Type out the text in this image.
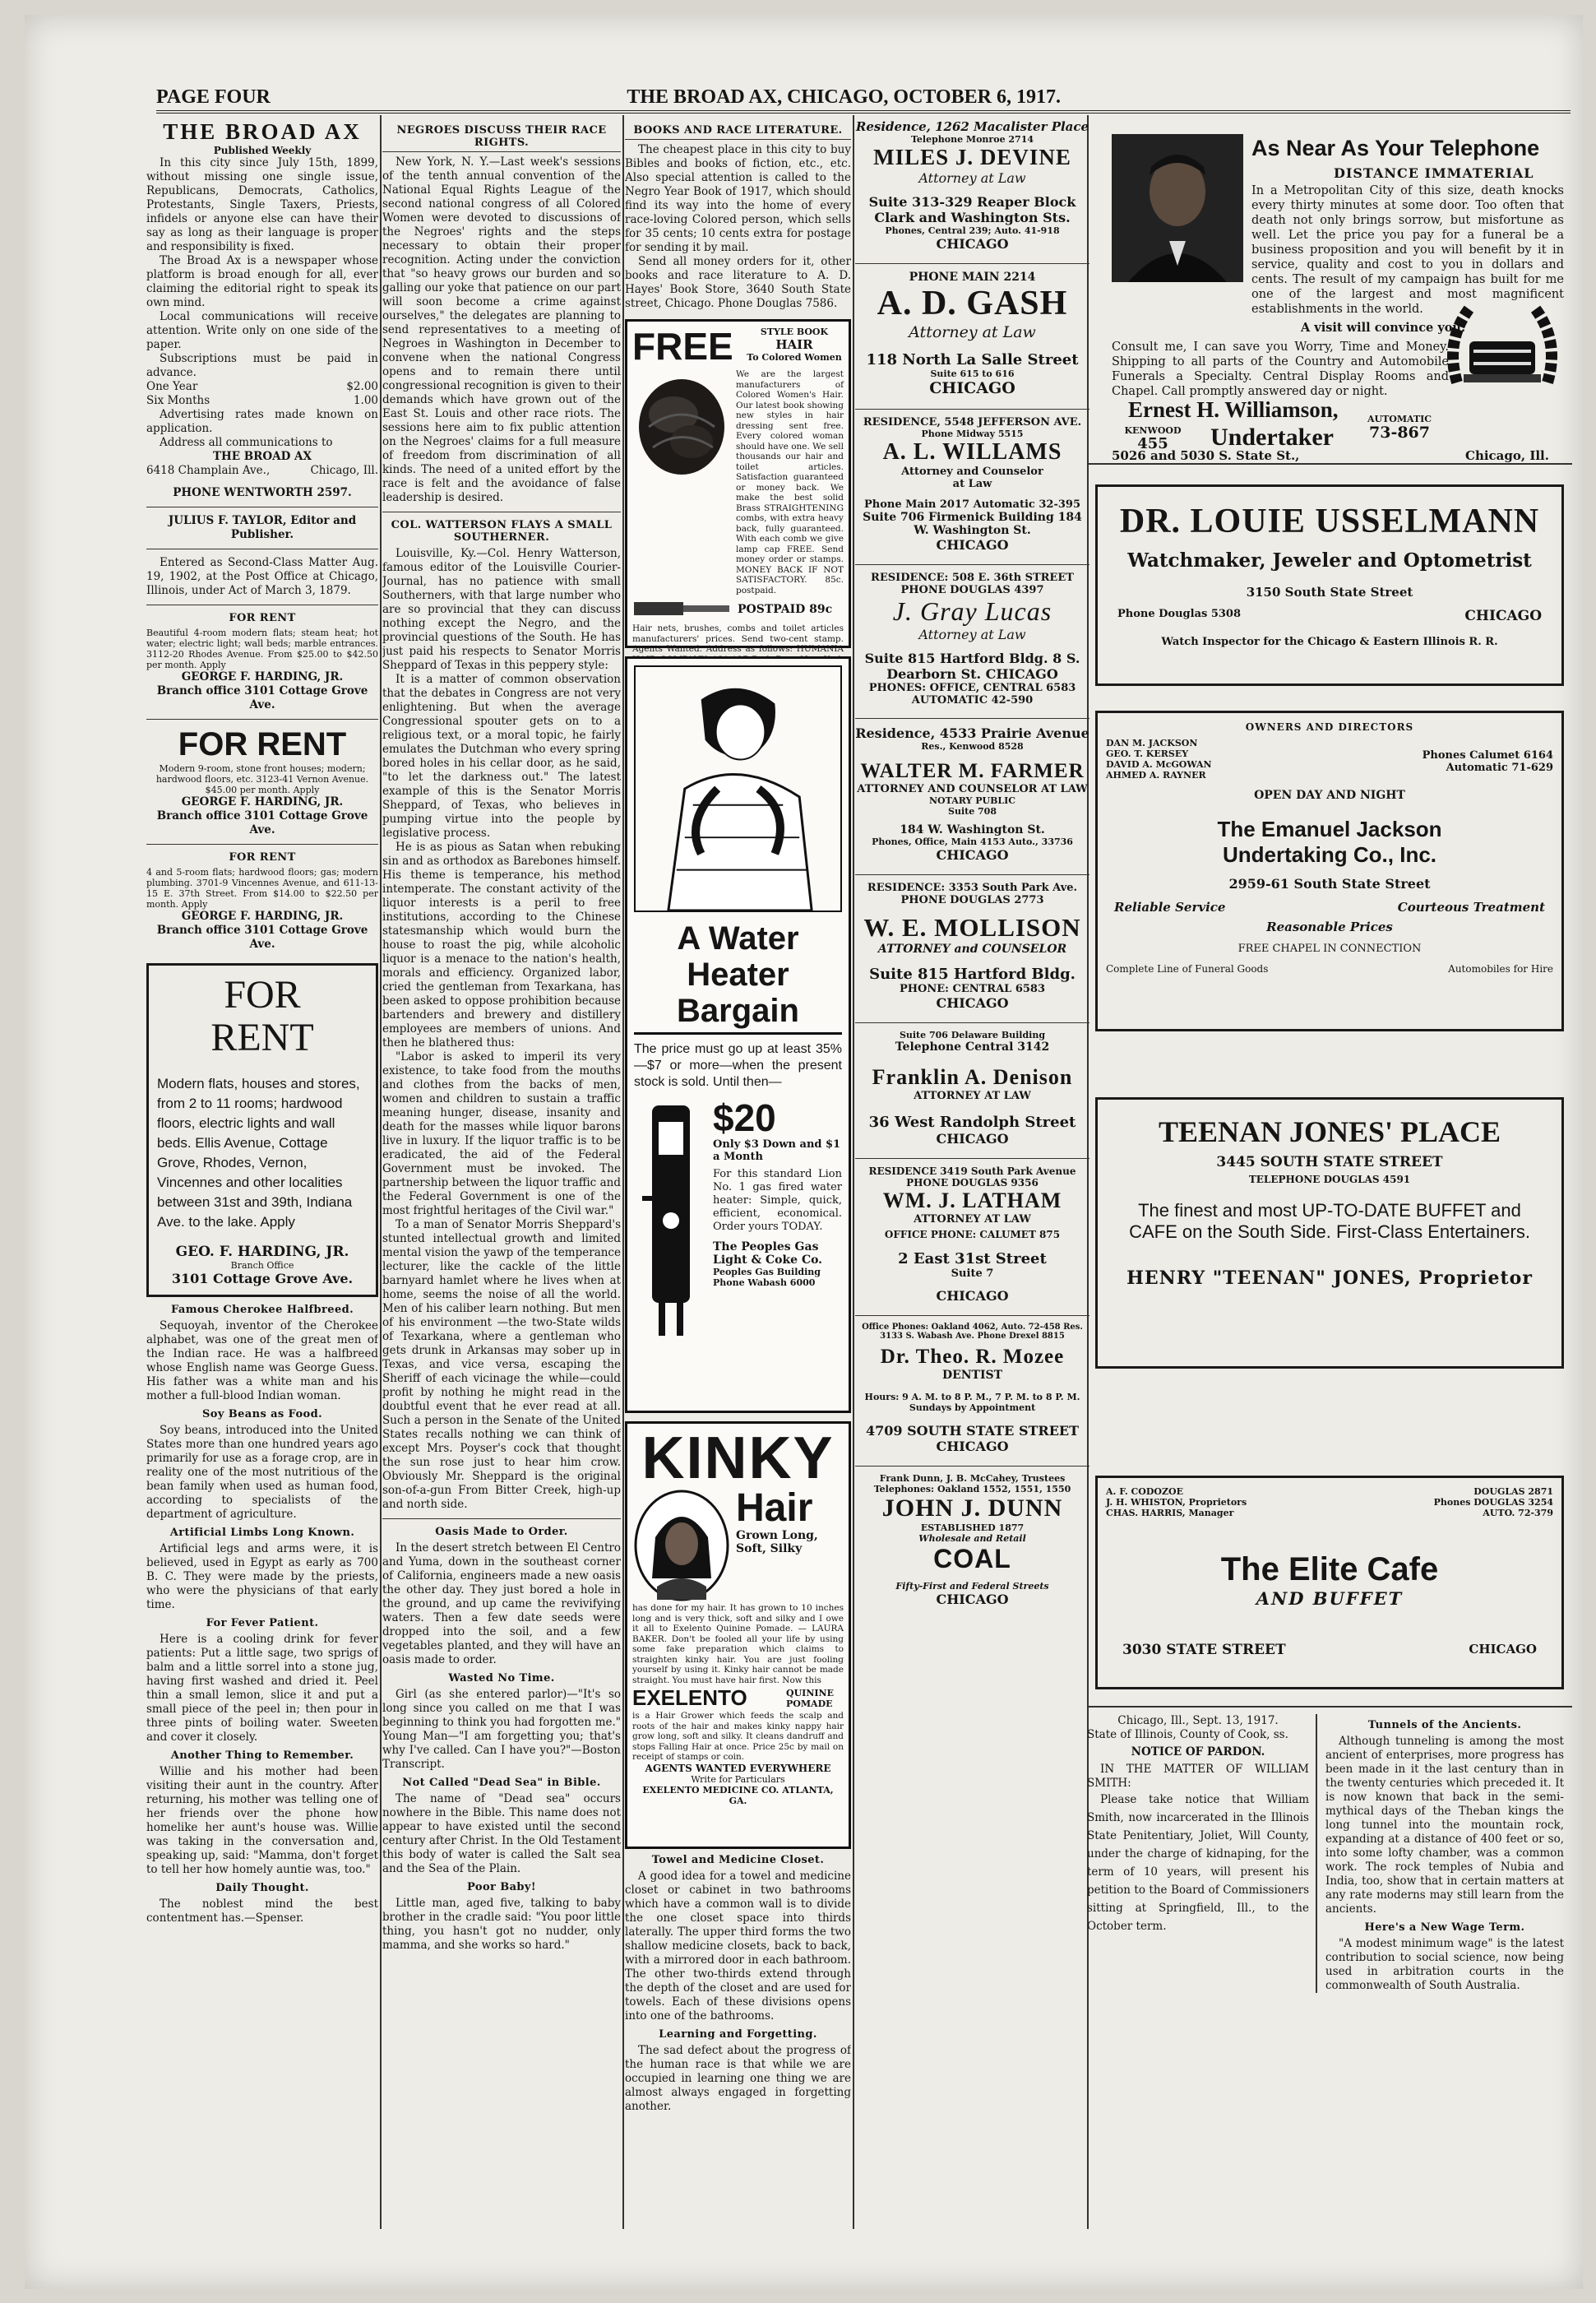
PAGE FOUR	THE BROAD AX, CHICAGO, OCTOBER 6, 1917.
THE BROAD AX
Published Weekly

In this city since July 15th, 1899, without missing one single issue, Republicans, Democrats, Catholics, Protestants, Single Taxers, Priests, infidels or anyone else can have their say as long as their language is proper and responsibility is fixed.

The Broad Ax is a newspaper whose platform is broad enough for all, ever claiming the editorial right to speak its own mind.

Local communications will receive attention. Write only on one side of the paper.

Subscriptions must be paid in advance.

One Year	$2.00
Six Months	1.00

Advertising rates made known on application.

Address all communications to

THE BROAD AX
6418 Champlain Ave.,	Chicago, Ill.
PHONE WENTWORTH 2597.
JULIUS F. TAYLOR, Editor and Publisher.

Entered as Second-Class Matter Aug. 19, 1902, at the Post Office at Chicago, Illinois, under Act of March 3, 1879.

FOR RENT

Beautiful 4-room modern flats; steam heat; hot water; electric light; wall beds; marble entrances. 3112-20 Rhodes Avenue. From $25.00 to $42.50 per month. Apply

GEORGE F. HARDING, JR.
Branch office 3101 Cottage Grove Ave.
FOR RENT

Modern 9-room, stone front houses; modern; hardwood floors, etc. 3123-41 Vernon Avenue. $45.00 per month. Apply

GEORGE F. HARDING, JR.
Branch office 3101 Cottage Grove Ave.
FOR RENT

4 and 5-room flats; hardwood floors; gas; modern plumbing. 3701-9 Vincennes Avenue, and 611-13-15 E. 37th Street. From $14.00 to $22.50 per month. Apply

GEORGE F. HARDING, JR.
Branch office 3101 Cottage Grove Ave.
FOR
RENT

Modern flats, houses and stores, from 2 to 11 rooms; hardwood floors, electric lights and wall beds. Ellis Avenue, Cottage Grove, Rhodes, Vernon, Vincennes and other localities between 31st and 39th, Indiana Ave. to the lake. Apply

GEO. F. HARDING, JR.
Branch Office
3101 Cottage Grove Ave.
Famous Cherokee Halfbreed.

Sequoyah, inventor of the Cherokee alphabet, was one of the great men of the Indian race. He was a halfbreed whose English name was George Guess. His father was a white man and his mother a full-blood Indian woman.

Soy Beans as Food.

Soy beans, introduced into the United States more than one hundred years ago primarily for use as a forage crop, are in reality one of the most nutritious of the bean family when used as human food, according to specialists of the department of agriculture.

Artificial Limbs Long Known.

Artificial legs and arms were, it is believed, used in Egypt as early as 700 B. C. They were made by the priests, who were the physicians of that early time.

For Fever Patient.

Here is a cooling drink for fever patients: Put a little sage, two sprigs of balm and a little sorrel into a stone jug, having first washed and dried it. Peel thin a small lemon, slice it and put a small piece of the peel in; then pour in three pints of boiling water. Sweeten and cover it closely.

Another Thing to Remember.

Willie and his mother had been visiting their aunt in the country. After returning, his mother was telling one of her friends over the phone how homelike her aunt's house was. Willie was taking in the conversation and, speaking up, said: "Mamma, don't forget to tell her how homely auntie was, too."

Daily Thought.

The noblest mind the best contentment has.—Spenser.

NEGROES DISCUSS THEIR RACE RIGHTS.

New York, N. Y.—Last week's sessions of the tenth annual convention of the National Equal Rights League of the second national congress of all Colored Women were devoted to discussions of the Negroes' rights and the steps necessary to obtain their proper recognition. Acting under the conviction that "so heavy grows our burden and so galling our yoke that patience on our part will soon become a crime against ourselves," the delegates are planning to send representatives to a meeting of Negroes in Washington in December to convene when the national Congress opens and to remain there until congressional recognition is given to their demands which have grown out of the East St. Louis and other race riots. The sessions here aim to fix public attention on the Negroes' claims for a full measure of freedom from discrimination of all kinds. The need of a united effort by the race is felt and the avoidance of false leadership is desired.

COL. WATTERSON FLAYS A SMALL SOUTHERNER.

Louisville, Ky.—Col. Henry Watterson, famous editor of the Louisville Courier-Journal, has no patience with small Southerners, with that large number who are so provincial that they can discuss nothing except the Negro, and the provincial questions of the South. He has just paid his respects to Senator Morris Sheppard of Texas in this peppery style:

It is a matter of common observation that the debates in Congress are not very enlightening. But when the average Congressional spouter gets on to a religious text, or a moral topic, he fairly emulates the Dutchman who every spring bored holes in his cellar door, as he said, "to let the darkness out." The latest example of this is the Senator Morris Sheppard, of Texas, who believes in pumping virtue into the people by legislative process.

He is as pious as Satan when rebuking sin and as orthodox as Barebones himself. His theme is temperance, his method intemperate. The constant activity of the liquor interests is a peril to free institutions, according to the Chinese statesmanship which would burn the house to roast the pig, while alcoholic liquor is a menace to the nation's health, morals and efficiency. Organized labor, cried the gentleman from Texarkana, has been asked to oppose prohibition because bartenders and brewery and distillery employees are members of unions. And then he blathered thus:

"Labor is asked to imperil its very existence, to take food from the mouths and clothes from the backs of men, women and children to sustain a traffic meaning hunger, disease, insanity and death for the masses while liquor barons live in luxury. If the liquor traffic is to be eradicated, the aid of the Federal Government must be invoked. The partnership between the liquor traffic and the Federal Government is one of the most frightful heritages of the Civil war."

To a man of Senator Morris Sheppard's stunted intellectual growth and limited mental vision the yawp of the temperance lecturer, like the cackle of the little barnyard hamlet where he lives when at home, seems the noise of all the world. Men of his caliber learn nothing. But men of his environment —the two-State wilds of Texarkana, where a gentleman who gets drunk in Arkansas may sober up in Texas, and vice versa, escaping the Sheriff of each vicinage the while—could profit by nothing he might read in the doubtful event that he ever read at all. Such a person in the Senate of the United States recalls nothing we can think of except Mrs. Poyser's cock that thought the sun rose just to hear him crow. Obviously Mr. Sheppard is the original son-of-a-gun From Bitter Creek, high-up and north side.

Oasis Made to Order.

In the desert stretch between El Centro and Yuma, down in the southeast corner of California, engineers made a new oasis the other day. They just bored a hole in the ground, and up came the revivifying waters. Then a few date seeds were dropped into the soil, and a few vegetables planted, and they will have an oasis made to order.

Wasted No Time.

Girl (as she entered parlor)—"It's so long since you called on me that I was beginning to think you had forgotten me." Young Man—"I am forgetting you; that's why I've called. Can I have you?"—Boston Transcript.

Not Called "Dead Sea" in Bible.

The name of "Dead sea" occurs nowhere in the Bible. This name does not appear to have existed until the second century after Christ. In the Old Testament this body of water is called the Salt sea and the Sea of the Plain.

Poor Baby!

Little man, aged five, talking to baby brother in the cradle said: "You poor little thing, you hasn't got no nudder, only mamma, and she works so hard."

BOOKS AND RACE LITERATURE.

The cheapest place in this city to buy Bibles and books of fiction, etc., etc. Also special attention is called to the Negro Year Book of 1917, which should find its way into the home of every race-loving Colored person, which sells for 35 cents; 10 cents extra for postage for sending it by mail.

Send all money orders for it, other books and race literature to A. D. Hayes' Book Store, 3640 South State street, Chicago. Phone Douglas 7586.

FREE	STYLE BOOK
HAIR
To Colored Women

We are the largest manufacturers of Colored Women's Hair. Our latest book showing new styles in hair dressing sent free. Every colored woman should have one. We sell thousands our hair and toilet articles. Satisfaction guaranteed or money back. We make the best solid Brass STRAIGHTENING combs, with extra heavy back, fully guaranteed. With each comb we give lamp cap FREE. Send money order or stamps. MONEY BACK IF NOT SATISFACTORY. 85c. postpaid.

POSTPAID 89c

Hair nets, brushes, combs and toilet articles manufacturers' prices. Send two-cent stamp. Agents Wanted. Address as follows: HUMANIA

A Water
Heater
Bargain

The price must go up at least 35%—$7 or more—when the present stock is sold. Until then—

$20
Only $3 Down and $1 a Month

For this standard Lion No. 1 gas fired water heater: Simple, quick, efficient, economical. Order yours TODAY.

The Peoples Gas Light & Coke Co.
Peoples Gas Building
Phone Wabash 6000
KINKY
Hair
Grown Long, Soft, Silky

has done for my hair. It has grown to 10 inches long and is very thick, soft and silky and I owe it all to Exelento Quinine Pomade. — LAURA BAKER. Don't be fooled all your life by using some fake preparation which claims to straighten kinky hair. You are just fooling yourself by using it. Kinky hair cannot be made straight. You must have hair first. Now this

EXELENTO	QUININE POMADE

is a Hair Grower which feeds the scalp and roots of the hair and makes kinky nappy hair grow long, soft and silky. It cleans dandruff and stops Falling Hair at once. Price 25c by mail on receipt of stamps or coin.

AGENTS WANTED EVERYWHERE
Write for Particulars
EXELENTO MEDICINE CO. ATLANTA, GA.
Towel and Medicine Closet.

A good idea for a towel and medicine closet or cabinet in two bathrooms which have a common wall is to divide the one closet space into thirds laterally. The upper third forms the two shallow medicine closets, back to back, with a mirrored door in each bathroom. The other two-thirds extend through the depth of the closet and are used for towels. Each of these divisions opens into one of the bathrooms.

Learning and Forgetting.

The sad defect about the progress of the human race is that while we are occupied in learning one thing we are almost always engaged in forgetting another.

Residence, 1262 Macalister Place
Telephone Monroe 2714
MILES J. DEVINE
Attorney at Law
Suite 313-329 Reaper Block Clark and Washington Sts.
Phones, Central 239; Auto. 41-918
CHICAGO
PHONE MAIN 2214
A. D. GASH
Attorney at Law
118 North La Salle Street
Suite 615 to 616
CHICAGO
RESIDENCE, 5548 JEFFERSON AVE.
Phone Midway 5515
A. L. WILLAMS
Attorney and Counselor at Law
Phone Main 2017 Automatic 32-395
Suite 706 Firmenick Building 184 W. Washington St.
CHICAGO
RESIDENCE: 508 E. 36th STREET
PHONE DOUGLAS 4397
J. Gray Lucas
Attorney at Law
Suite 815 Hartford Bldg. 8 S. Dearborn St. CHICAGO
PHONES: OFFICE, CENTRAL 6583 AUTOMATIC 42-590
Residence, 4533 Prairie Avenue
Res., Kenwood 8528
WALTER M. FARMER
ATTORNEY AND COUNSELOR AT LAW
NOTARY PUBLIC
Suite 708
184 W. Washington St.
Phones, Office, Main 4153 Auto., 33736
CHICAGO
RESIDENCE: 3353 South Park Ave.
PHONE DOUGLAS 2773
W. E. MOLLISON
ATTORNEY and COUNSELOR
Suite 815 Hartford Bldg.
PHONE: CENTRAL 6583
CHICAGO
Suite 706 Delaware Building
Telephone Central 3142
Franklin A. Denison
ATTORNEY AT LAW
36 West Randolph Street
CHICAGO
RESIDENCE 3419 South Park Avenue
PHONE DOUGLAS 9356
WM. J. LATHAM
ATTORNEY AT LAW
OFFICE PHONE: CALUMET 875
2 East 31st Street
Suite 7
CHICAGO
Office Phones: Oakland 4062, Auto. 72-458 Res. 3133 S. Wabash Ave. Phone Drexel 8815
Dr. Theo. R. Mozee
DENTIST
Hours: 9 A. M. to 8 P. M., 7 P. M. to 8 P. M. Sundays by Appointment
4709 SOUTH STATE STREET
CHICAGO
Frank Dunn, J. B. McCahey, Trustees
Telephones: Oakland 1552, 1551, 1550
JOHN J. DUNN
ESTABLISHED 1877
Wholesale and Retail
COAL
Fifty-First and Federal Streets
CHICAGO
As Near As Your Telephone
DISTANCE IMMATERIAL

In a Metropolitan City of this size, death knocks every thirty minutes at some door. Too often that death not only brings sorrow, but misfortune as well. Let the price you pay for a funeral be a business proposition and you will benefit by it in service, quality and cost to you in dollars and cents. The result of my campaign has built for me one of the largest and most magnificent establishments in the world.

A visit will convince you.

Consult me, I can save you Worry, Time and Money. Shipping to all parts of the Country and Automobile Funerals a Specialty. Central Display Rooms and Chapel. Call promptly answered day or night.

Ernest H. Williamson,
KENWOOD
455	Undertaker
AUTOMATIC
73-867
5026 and 5030 S. State St.,	Chicago, Ill.
DR. LOUIE USSELMANN
Watchmaker, Jeweler and Optometrist
3150 South State Street
Phone Douglas 5308	CHICAGO
Watch Inspector for the Chicago & Eastern Illinois R. R.
OWNERS AND DIRECTORS
DAN M. JACKSON
GEO. T. KERSEY
DAVID A. McGOWAN
AHMED A. RAYNER
Phones Calumet 6164
Automatic 71-629
OPEN DAY AND NIGHT
The Emanuel Jackson
Undertaking Co., Inc.
2959-61 South State Street
Reliable Service	Courteous Treatment
Reasonable Prices
FREE CHAPEL IN CONNECTION
Complete Line of Funeral Goods	Automobiles for Hire
TEENAN JONES' PLACE
3445 SOUTH STATE STREET
TELEPHONE DOUGLAS 4591

The finest and most UP-TO-DATE BUFFET and CAFE on the South Side. First-Class Entertainers.

HENRY "TEENAN" JONES, Proprietor
A. F. CODOZOE
J. H. WHISTON, Proprietors
CHAS. HARRIS, Manager
DOUGLAS 2871
Phones DOUGLAS 3254
AUTO. 72-379
The Elite Cafe
AND BUFFET
3030 STATE STREET	CHICAGO
Chicago, Ill., Sept. 13, 1917.
State of Illinois, County of Cook, ss.
NOTICE OF PARDON.

IN THE MATTER OF WILLIAM SMITH:

Please take notice that William Smith, now incarcerated in the Illinois State Penitentiary, Joliet, Will County, under the charge of kidnaping, for the term of 10 years, will present his petition to the Board of Commissioners sitting at Springfield, Ill., to the October term.

Tunnels of the Ancients.

Although tunneling is among the most ancient of enterprises, more progress has been made in it the last century than in the twenty centuries which preceded it. It is now known that back in the semi-mythical days of the Theban kings the long tunnel into the mountain rock, expanding at a distance of 400 feet or so, into some lofty chamber, was a common work. The rock temples of Nubia and India, too, show that in certain matters at any rate moderns may still learn from the ancients.

Here's a New Wage Term.

"A modest minimum wage" is the latest contribution to social science, now being used in arbitration courts in the commonwealth of South Australia.
